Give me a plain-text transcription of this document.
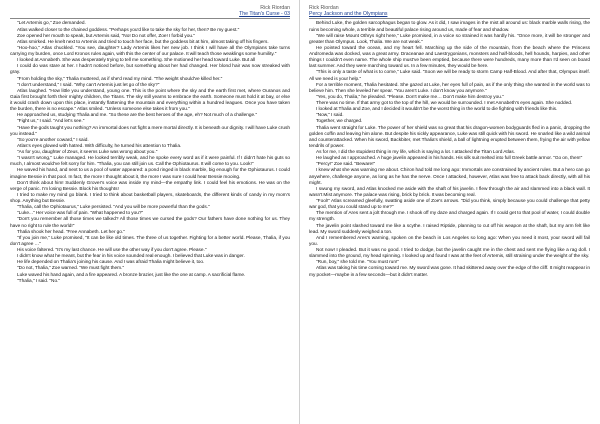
Rick Riordan
The Titan's Curse - 03

"Let Artemis go," Zoe demanded.

Atlas walked closer to the chained goddess. "Perhaps you'd like to take the sky for her, then? Be my guest."

Zoe opened her mouth to speak, but Artemis said, "No! Do not offer, Zoe! I forbid you."

Atlas smirked. He knelt next to Artemis and tried to touch her face, but the goddess bit at him, almost taking off his fingers.

"Hoo-hoo," Atlas chuckled. "You see, daughter? Lady Artemis likes her new job. I think I will have all the Olympians take turns carrying my burden, once Lord Kronos rules again, with this the center of our palace. It will teach those weaklings some humility."

I looked at Annabeth. She was desperately trying to tell me something. She motioned her head toward Luke. But all

I could do was stare at her. I hadn't noticed before, but something about her had changed. Her blond hair was now streaked with gray.

"From holding the sky," Thalia muttered, as if she'd read my mind. "The weight should've killed her."

"I don't understand," I said. "Why can't Artemis just let go of the sky?"

Atlas laughed. "How little you understand, young one. This is the point where the sky and the earth first met, where Ouranos and Gaia first brought forth their mighty children, the Titans. The sky still yearns to embrace the earth. Someone must hold it at bay, or else it would crash down upon this place, instantly flattening the mountain and everything within a hundred leagues. Once you have taken the burden, there is no escape." Atlas smiled. "Unless someone else takes it from you."

He approached us, studying Thalia and me. "So these are the best heroes of the age, eh? Not much of a challenge."

"Fight us," I said. "And let's see."

"Have the gods taught you nothing? An immortal does not fight a mere mortal directly. It is beneath our dignity. I will have Luke crush you instead."

"So you're another coward," I said.

Atlas's eyes glowed with hatred. With difficulty, he turned his attention to Thalia.

"As for you, daughter of Zeus, it seems Luke was wrong about you."

"I wasn't wrong," Luke managed. He looked terribly weak, and he spoke every word as if it were painful. If I didn't hate his guts so much, I almost would've felt sorry for him. "Thalia, you can still join us. Call the Ophiotaurus. It will come to you. Look!"

He waved his hand, and next to us a pool of water appeared: a pond ringed in black marble, big enough for the Ophiotaurus. I could imagine Bessie in that pool. In fact, the more I thought about it, the more I was sure I could hear Bessie mooing.

Don't think about him! Suddenly Grover's voice was inside my mind—the empathy link. I could feel his emotions. He was on the verge of panic. I'm losing Bessie. Block his thoughts!

I tried to make my mind go blank. I tried to think about basketball players, skateboards, the different kinds of candy in my mom's shop. Anything but Bessie.

"Thalia, call the Ophiotaurus," Luke persisted. "And you will be more powerful than the gods."

"Luke..." Her voice was full of pain. "What happened to you?"

"Don't you remember all those times we talked? All those times we cursed the gods? Our fathers have done nothing for us. They have no right to rule the world!"

Thalia shook her head. "Free Annabeth. Let her go."

"If you join me," Luke promised, "It can be like old times. The three of us together. Fighting for a better world. Please, Thalia, if you don't agree …"

His voice faltered. "It's my last chance. He will use the other way if you don't agree. Please."

I didn't know what he meant, but the fear in his voice sounded real enough. I believed that Luke was in danger.

He life depended on Thalia's joining his cause. And I was afraid Thalia might believe it, too.

"Do not, Thalia," Zoe warned. "We must fight them."

Luke waved his hand again, and a fire appeared. A bronze brazier, just like the one at camp. A sacrificial flame.

"Thalia," I said. "No."

Rick Riordan
Percy Jackson and the Olympians

Behind Luke, the golden sarcophagus began to glow. As it did, I saw images in the mist all around us: black marble walls rising, the ruins becoming whole, a terrible and beautiful palace rising around us, made of fear and shadow.

"We will raise Mount Othrys right here," Luke promised, in a voice so strained it was hardly his. "Once more, it will be stronger and greater than Olympus. Look, Thalia. We are not weak."

He pointed toward the ocean, and my heart fell. Marching up the side of the mountain, from the beach where the Princess Andromeda was docked, was a great army. Draceanae and Laestrygonians, monsters and half-bloods, hell hounds, harpies, and other things I couldn't even name. The whole ship must've been emptied, because there were hundreds, many more than I'd seen on board last summer. And they were marching toward us. In a few minutes, they would be here.

"This is only a taste of what is to come," Luke said. "Soon we will be ready to storm Camp Half-Blood. And after that, Olympus itself. All we need is your help."

For a terrible moment, Thalia hesitated. She gazed at Luke, her eyes full of pain, as if the only thing she wanted in the world was to believe him. Then she leveled her spear. "You aren't Luke. I don't know you anymore."

"Yes, you do, Thalia," he pleaded. "Please. Don't make me… Don't make him destroy you."

There was no time. If that army got to the top of the hill, we would be surrounded. I met Annabeth's eyes again. She nodded.

I looked at Thalia and Zoe, and I decided it wouldn't be the worst thing in the world to die fighting with friends like this.

"Now," I said.

Together, we charged.

Thalia went straight for Luke. The power of her shield was so great that his dragon-women bodyguards fled in a panic, dropping the golden coffin and leaving him alone. But despite his sickly appearance, Luke was still quick with his sword. He snarled like a wild animal and counterattacked. When his sword, Backbiter, met Thalia's shield, a ball of lightning erupted between them, frying the air with yellow tendrils of power.

As for me, I did the stupidest thing in my life, which is saying a lot. I attacked the Titan Lord Atlas.

He laughed as I approached. A huge javelin appeared in his hands. His silk suit melted into full Greek battle armor. "Go on, then!"

"Percy!" Zoe said. "Beware!"

I knew what she was warning me about. Chiron had told me long ago: Immortals are constrained by ancient rules. But a hero can go anywhere, challenge anyone, as long as he has the nerve. Once I attacked, however, Atlas was free to attack back directly, with all his might.

I swung my sword, and Atlas knocked me aside with the shaft of his javelin. I flew through the air and slammed into a black wall. It wasn't Mist anymore. The palace was rising, brick by brick. It was becoming real.

"Fool!" Atlas screamed gleefully, swatting aside one of Zoe's arrows. "Did you think, simply because you could challenge that petty war god, that you could stand up to me?"

The mention of Ares sent a jolt through me. I shook off my daze and charged again. If I could get to that pool of water, I could double my strength.

The javelin point slashed toward me like a scythe. I raised Riptide, planning to cut off his weapon at the shaft, but my arm felt like lead. My sword suddenly weighed a ton.

And I remembered Ares's warning, spoken on the beach in Los Angeles so long ago: When you need it most, your sword will fail you.

Not now! I pleaded. But it was no good. I tried to dodge, but the javelin caught me in the chest and sent me flying like a rag doll. I slammed into the ground, my head spinning. I looked up and found I was at the feet of Artemis, still straining under the weight of the sky.

"Run, boy," she told me. "You must run!"

Atlas was taking his time coming toward me. My sword was gone. It had skittered away over the edge of the cliff. It might reappear in my pocket—maybe in a few seconds—but it didn't matter.
